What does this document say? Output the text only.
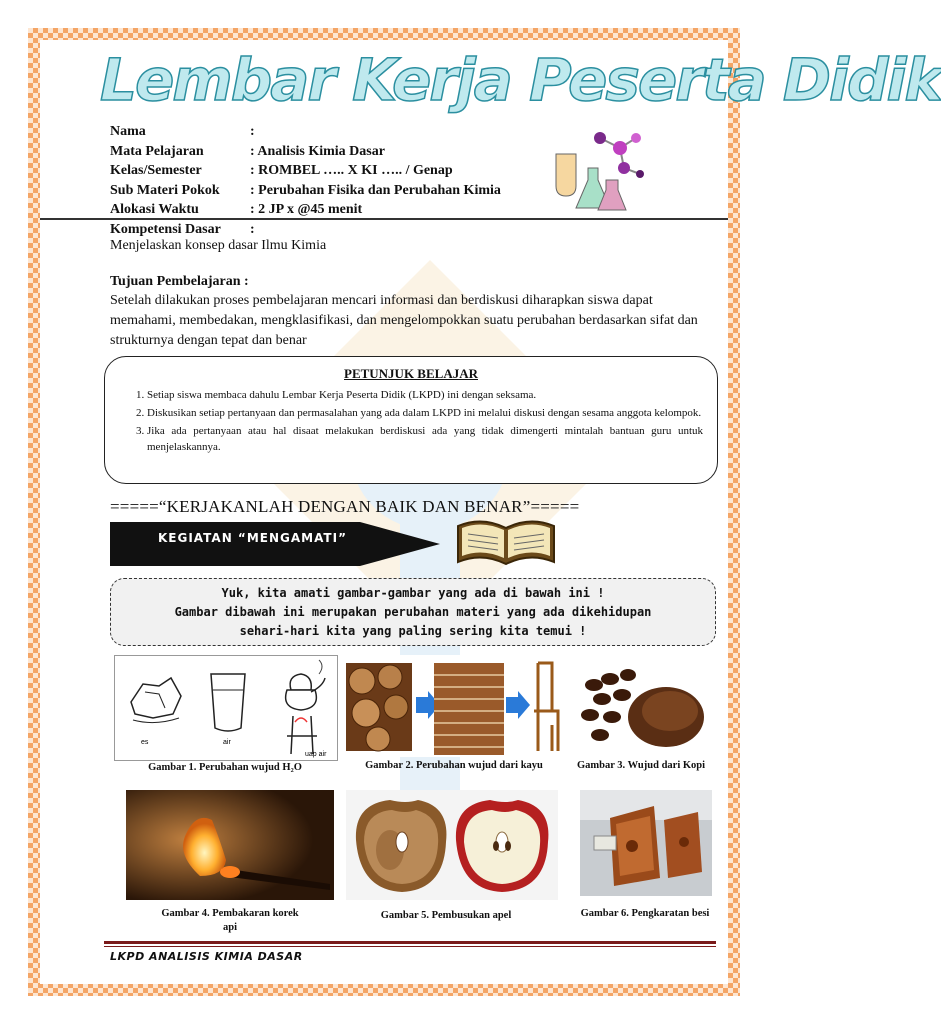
Lembar Kerja Peserta Didik
Nama	:
Mata Pelajaran	: Analisis Kimia Dasar
Kelas/Semester	: ROMBEL ….. X KI ….. / Genap
Sub Materi Pokok	: Perubahan Fisika dan Perubahan Kimia
Alokasi Waktu	: 2 JP x @45 menit
Kompetensi Dasar	:
Menjelaskan konsep dasar Ilmu Kimia
Tujuan Pembelajaran :
Setelah dilakukan proses pembelajaran mencari informasi dan berdiskusi diharapkan siswa dapat memahami, membedakan, mengklasifikasi, dan mengelompokkan suatu perubahan berdasarkan sifat dan strukturnya dengan tepat dan benar
PETUNJUK BELAJAR
1. Setiap siswa membaca dahulu Lembar Kerja Peserta Didik (LKPD) ini dengan seksama.
2. Diskusikan setiap pertanyaan dan permasalahan yang ada dalam LKPD ini melalui diskusi dengan sesama anggota kelompok.
3. Jika ada pertanyaan atau hal disaat melakukan berdiskusi ada yang tidak dimengerti mintalah bantuan guru untuk menjelaskannya.
=====“KERJAKANLAH DENGAN BAIK DAN BENAR”=====
KEGIATAN “MENGAMATI”

Yuk, kita amati gambar-gambar yang ada di bawah ini !

Gambar dibawah ini merupakan perubahan materi yang ada dikehidupan

sehari-hari kita yang paling sering kita temui !

es	air
uap air
Gambar 1. Perubahan wujud H₂O	Gambar 2. Perubahan wujud dari kayu	Gambar 3. Wujud dari Kopi
Gambar 4. Pembakaran korek
api
Gambar 5. Pembusukan apel	Gambar 6. Pengkaratan besi
LKPD ANALISIS KIMIA DASAR
